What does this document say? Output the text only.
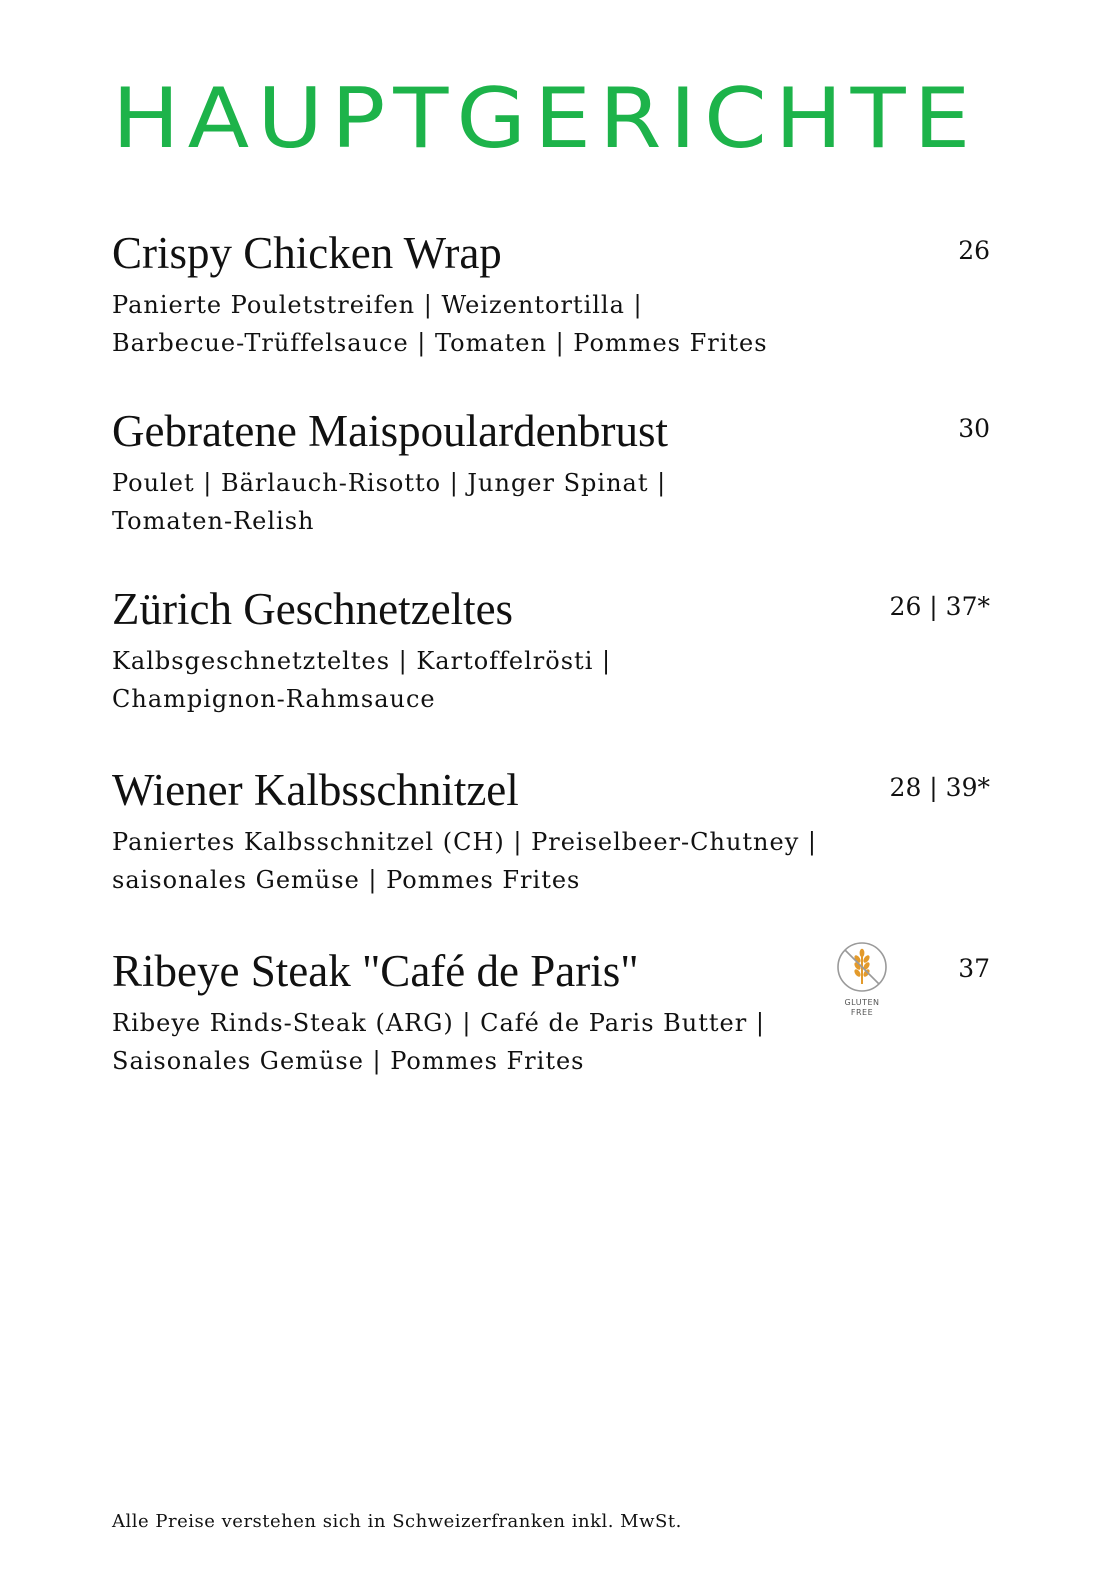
HAUPTGERICHTE
Crispy Chicken Wrap	26

Panierte Pouletstreifen | Weizentortilla |
Barbecue-Trüffelsauce | Tomaten | Pommes Frites

Gebratene Maispoulardenbrust	30

Poulet | Bärlauch-Risotto | Junger Spinat |
Tomaten-Relish

Zürich Geschnetzeltes	26 | 37*

Kalbsgeschnetzteltes | Kartoffelrösti |
Champignon-Rahmsauce

Wiener Kalbsschnitzel	28 | 39*

Paniertes Kalbsschnitzel (CH) | Preiselbeer-Chutney |
saisonales Gemüse | Pommes Frites

Ribeye Steak "Café de Paris"
GLUTEN
FREE
37

Ribeye Rinds-Steak (ARG) | Café de Paris Butter |
Saisonales Gemüse | Pommes Frites

Alle Preise verstehen sich in Schweizerfranken inkl. MwSt.
